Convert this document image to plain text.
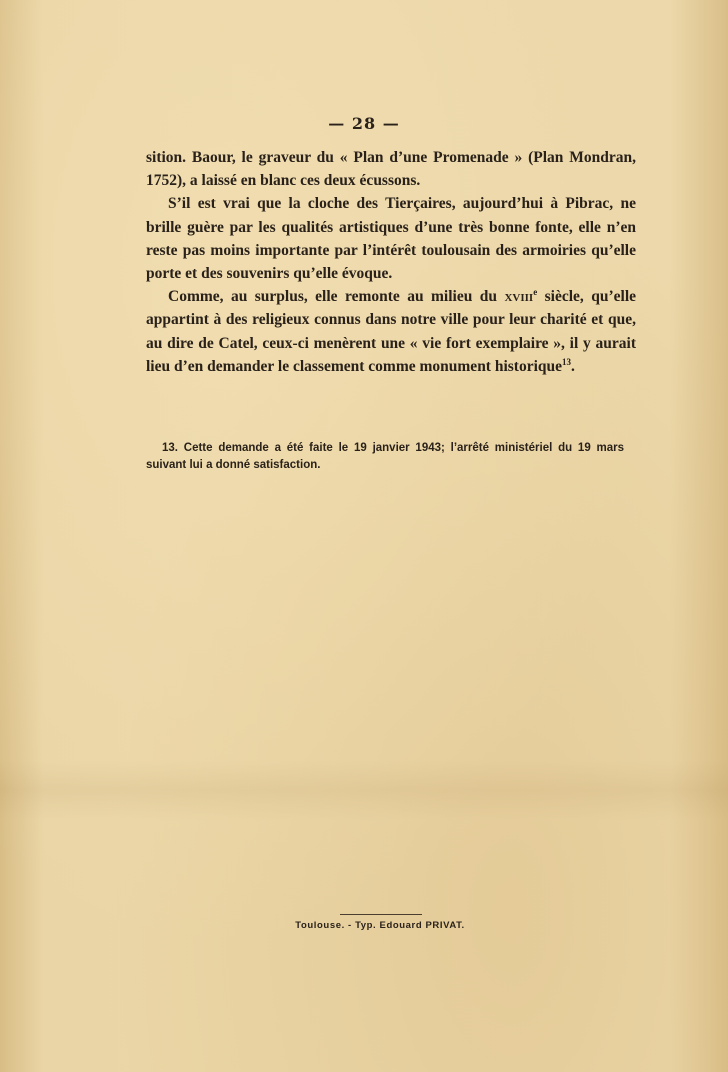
— 28 —

sition. Baour, le graveur du « Plan d’une Promenade » (Plan Mondran, 1752), a laissé en blanc ces deux écussons.

S’il est vrai que la cloche des Tierçaires, aujourd’hui à Pibrac, ne brille guère par les qualités artistiques d’une très bonne fonte, elle n’en reste pas moins importante par l’intérêt toulousain des armoiries qu’elle porte et des souvenirs qu’elle évoque.

Comme, au surplus, elle remonte au milieu du xviii$^e$ siècle, qu’elle appartint à des religieux connus dans notre ville pour leur charité et que, au dire de Catel, ceux-ci menèrent une « vie fort exemplaire », il y aurait lieu d’en demander le classement comme monument historique$^{13}$.

13. Cette demande a été faite le 19 janvier 1943; l’arrêté ministériel du 19 mars suivant lui a donné satisfaction.
Toulouse. - Typ. Edouard PRIVAT.
